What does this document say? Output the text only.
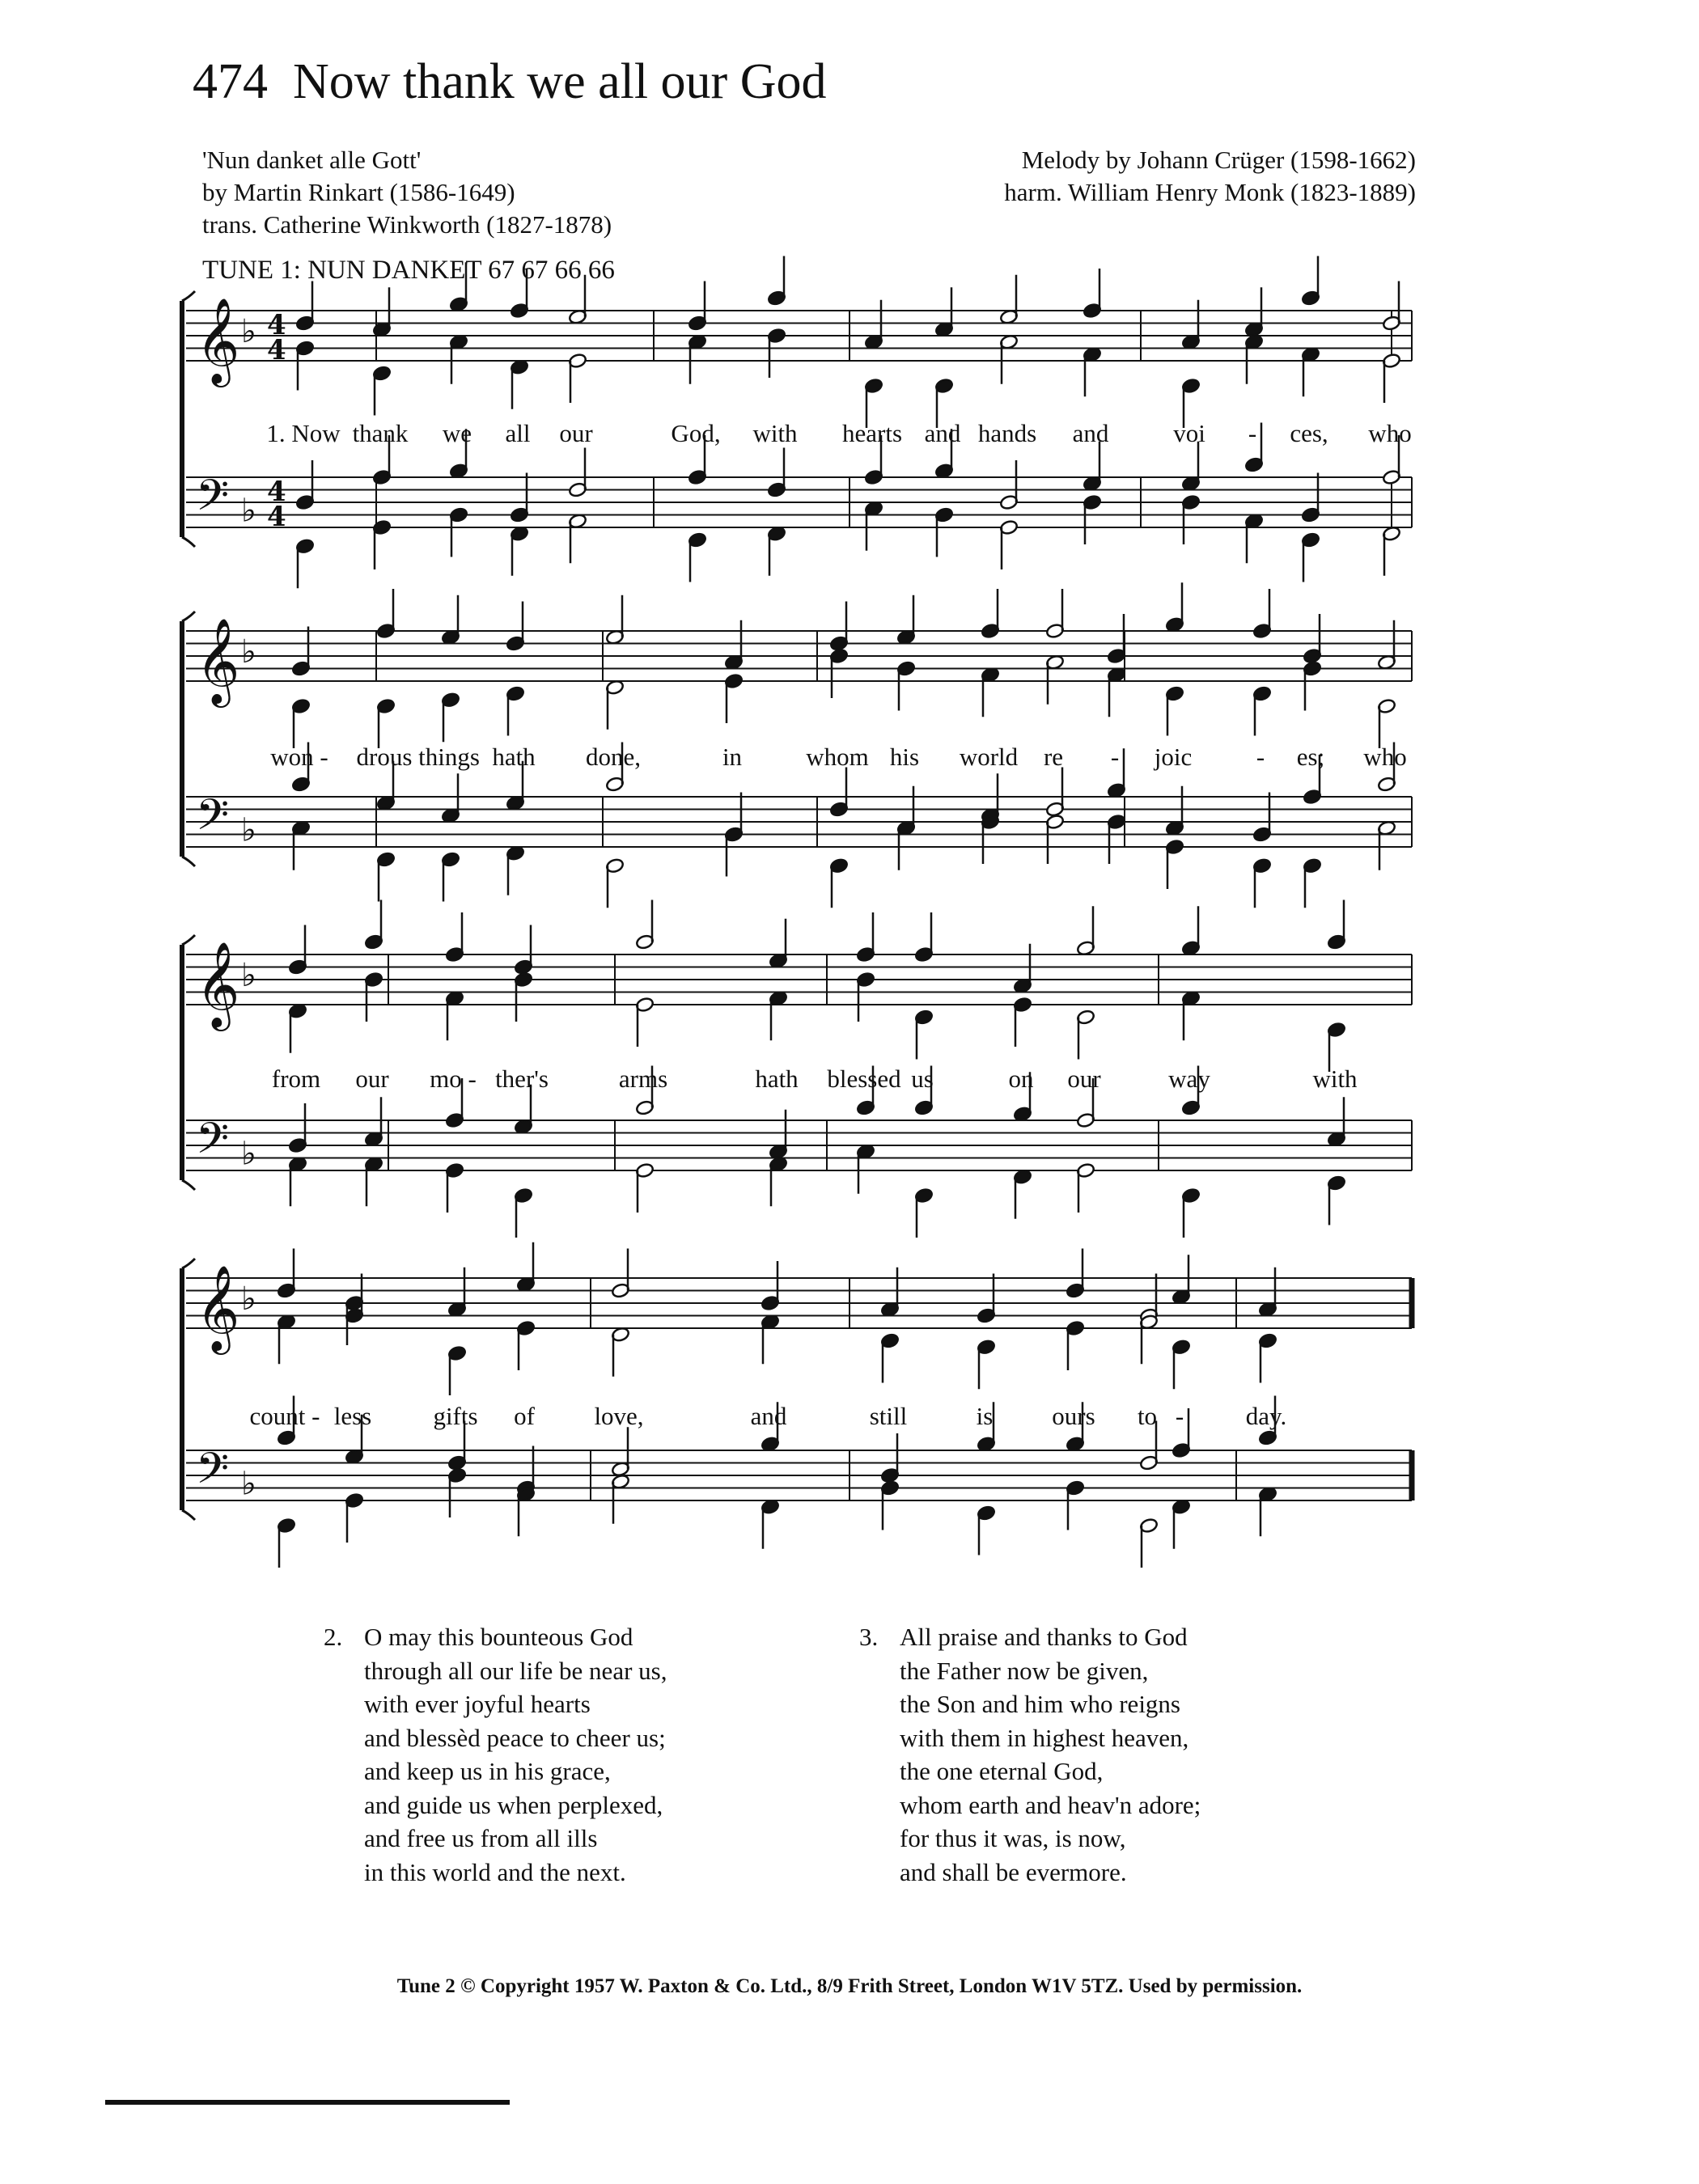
474 Now thank we all our God
'Nun danket alle Gott'
by Martin Rinkart (1586-1649)
trans. Catherine Winkworth (1827-1878)
Melody by Johann Crüger (1598-1662)
harm. William Henry Monk (1823-1889)
TUNE 1: NUN DANKET 67 67 66 66
𝄞
𝄢
♭
♭
4
4
4
4
1. Now thank we all our	God, with hearts and hands and	voi - ces, who
𝄞
𝄢
♭
♭
won - drous things hath done,	in	whom his world re - joic	- es; who
𝄞
𝄢
♭
♭
from our mo - ther's	arms	hath blessed us	on our	way	with
𝄞
𝄢
♭
♭
count - less gifts of love,	and	still	is ours to - day.
2. O may this bounteous God
through all our life be near us,
with ever joyful hearts
and blessèd peace to cheer us;
and keep us in his grace,
and guide us when perplexed,
and free us from all ills
in this world and the next.
3. All praise and thanks to God
the Father now be given,
the Son and him who reigns
with them in highest heaven,
the one eternal God,
whom earth and heav'n adore;
for thus it was, is now,
and shall be evermore.
Tune 2 © Copyright 1957 W. Paxton & Co. Ltd., 8/9 Frith Street, London W1V 5TZ. Used by permission.
